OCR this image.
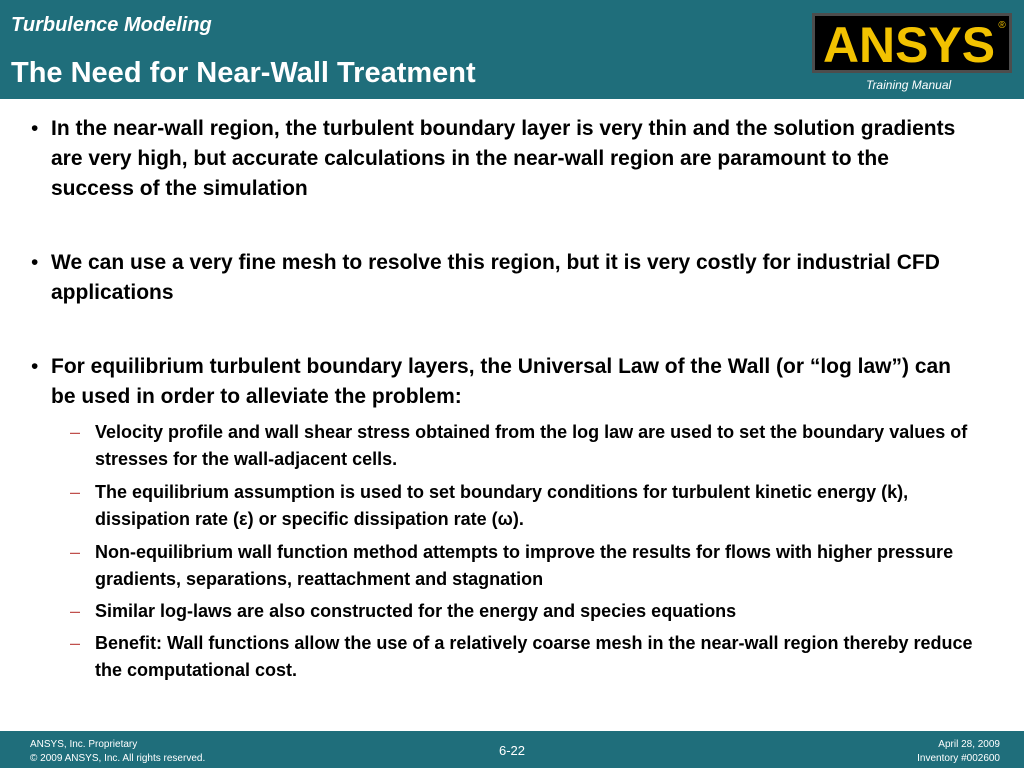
Turbulence Modeling
The Need for Near-Wall Treatment	ANSYS ®
Training Manual
• In the near-wall region, the turbulent boundary layer is very thin and the solution gradients are very high, but accurate calculations in the near-wall region are paramount to the success of the simulation
• We can use a very fine mesh to resolve this region, but it is very costly for industrial CFD applications
• For equilibrium turbulent boundary layers, the Universal Law of the Wall (or “log law”) can be used in order to alleviate the problem:
– Velocity profile and wall shear stress obtained from the log law are used to set the boundary values of stresses for the wall-adjacent cells.
– The equilibrium assumption is used to set boundary conditions for turbulent kinetic energy (k), dissipation rate (ε) or specific dissipation rate (ω).
– Non-equilibrium wall function method attempts to improve the results for flows with higher pressure gradients, separations, reattachment and stagnation
– Similar log-laws are also constructed for the energy and species equations
– Benefit: Wall functions allow the use of a relatively coarse mesh in the near-wall region thereby reduce the computational cost.
ANSYS, Inc. Proprietary
© 2009 ANSYS, Inc. All rights reserved.
6-22	April 28, 2009
Inventory #002600
